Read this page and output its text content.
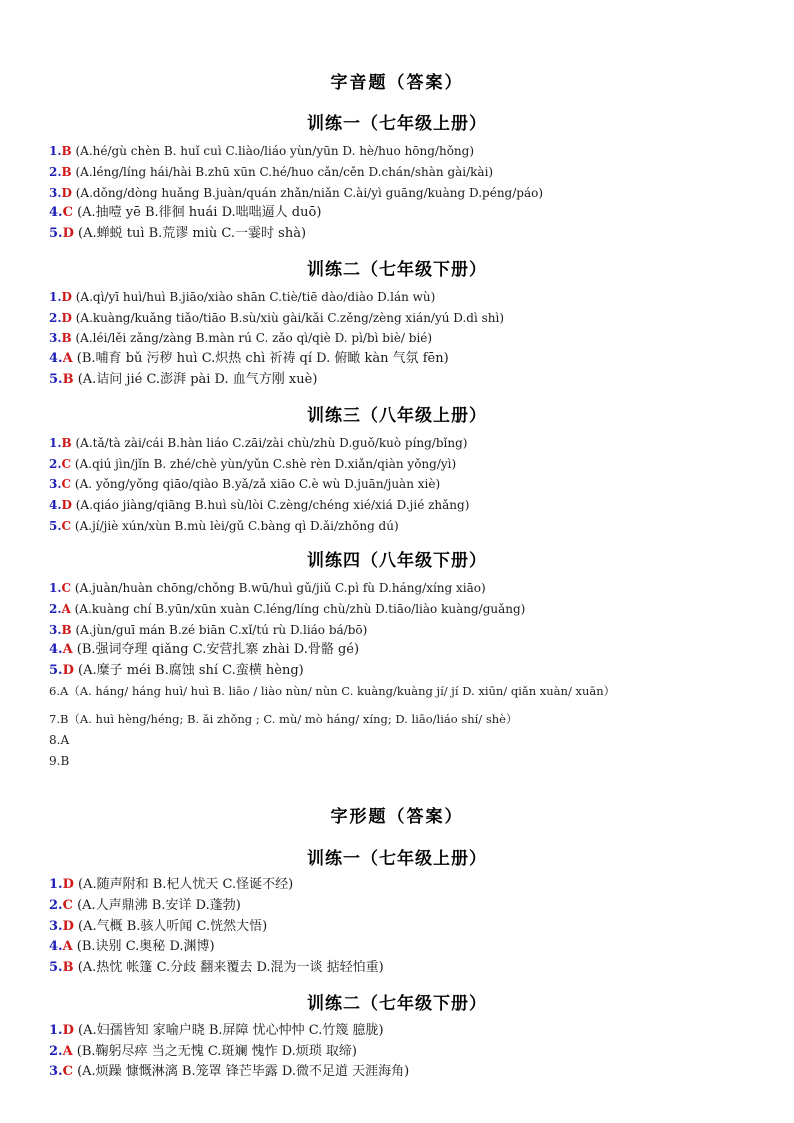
字音题（答案）
训练一（七年级上册）

1.B (A.hé/gù chèn B. huǐ cuì C.liào/liáo yùn/yūn D. hè/huo hōng/hǒng)

2.B (A.léng/líng hái/hài B.zhū xūn C.hé/huo cǎn/cěn D.chán/shàn gài/kài)

3.D (A.dǒng/dòng huǎng B.juàn/quán zhǎn/niǎn C.ài/yì guāng/kuàng D.péng/páo)

4.C (A.抽噎 yē B.徘徊 huái D.咄咄逼人 duō)

5.D (A.蝉蜕 tuì B.荒谬 miù C.一霎时 shà)

训练二（七年级下册）

1.D (A.qì/yī huì/huì B.jiāo/xiào shān C.tiè/tiē dào/diào D.lán wù)

2.D (A.kuàng/kuǎng tiǎo/tiāo B.sù/xiù gài/kǎi C.zěng/zèng xián/yú D.dì shì)

3.B (A.léi/lěi zǎng/zàng B.màn rú C. zǎo qì/qiè D. pì/bì biè/ bié)

4.A (B.哺育 bǔ 污秽 huì C.炽热 chì 祈祷 qí D. 俯瞰 kàn 气氛 fēn)

5.B (A.诘问 jié C.澎湃 pài D. 血气方刚 xuè)

训练三（八年级上册）

1.B (A.tǎ/tà zài/cái B.hàn liáo C.zāi/zài chù/zhù D.guǒ/kuò píng/bǐng)

2.C (A.qiú jìn/jǐn B. zhé/chè yùn/yǔn C.shè rèn D.xiǎn/qiàn yǒng/yì)

3.C (A. yǒng/yǒng qiāo/qiào B.yǎ/zǎ xiāo C.è wù D.juān/juàn xiè)

4.D (A.qiáo jiàng/qiāng B.huì sù/lòi C.zèng/chéng xié/xiá D.jié zhǎng)

5.C (A.jí/jiè xún/xùn B.mù lèi/gǔ C.bàng qì D.ǎi/zhǒng dú)

训练四（八年级下册）

1.C (A.juàn/huàn chōng/chǒng B.wū/huì gǔ/jiǔ C.pì fù D.háng/xíng xiāo)

2.A (A.kuàng chí B.yūn/xūn xuàn C.léng/líng chù/zhù D.tiāo/liào kuàng/guǎng)

3.B (A.jùn/guī mán B.zé biān C.xǐ/tú rù D.liáo bá/bō)

4.A (B.强词夺理 qiǎng C.安营扎寨 zhài D.骨骼 gé)

5.D (A.糜子 méi B.腐蚀 shí C.蛮横 hèng)

6.A（A. háng/ háng huì/ huì B. liāo / liào nùn/ nùn C. kuàng/kuàng jí/ jí D. xiūn/ qiǎn xuàn/ xuān）

7.B（A. huì hèng/héng; B. ǎi zhǒng ; C. mù/ mò háng/ xíng; D. liāo/liáo shí/ shè）

8.A

9.B

字形题（答案）
训练一（七年级上册）

1.D (A.随声附和 B.杞人忧天 C.怪诞不经)

2.C (A.人声鼎沸 B.安详 D.蓬勃)

3.D (A.气概 B.骇人听闻 C.恍然大悟)

4.A (B.诀别 C.奥秘 D.渊博)

5.B (A.热忱 帐篷 C.分歧 翻来覆去 D.混为一谈 掂轻怕重)

训练二（七年级下册）

1.D (A.妇孺皆知 家喻户晓 B.屏障 忧心忡忡 C.竹篾 臆胧)

2.A (B.鞠躬尽瘁 当之无愧 C.斑斓 愧怍 D.烦琐 取缔)

3.C (A.烦躁 慷慨淋漓 B.笼罩 锋芒毕露 D.微不足道 天涯海角)
